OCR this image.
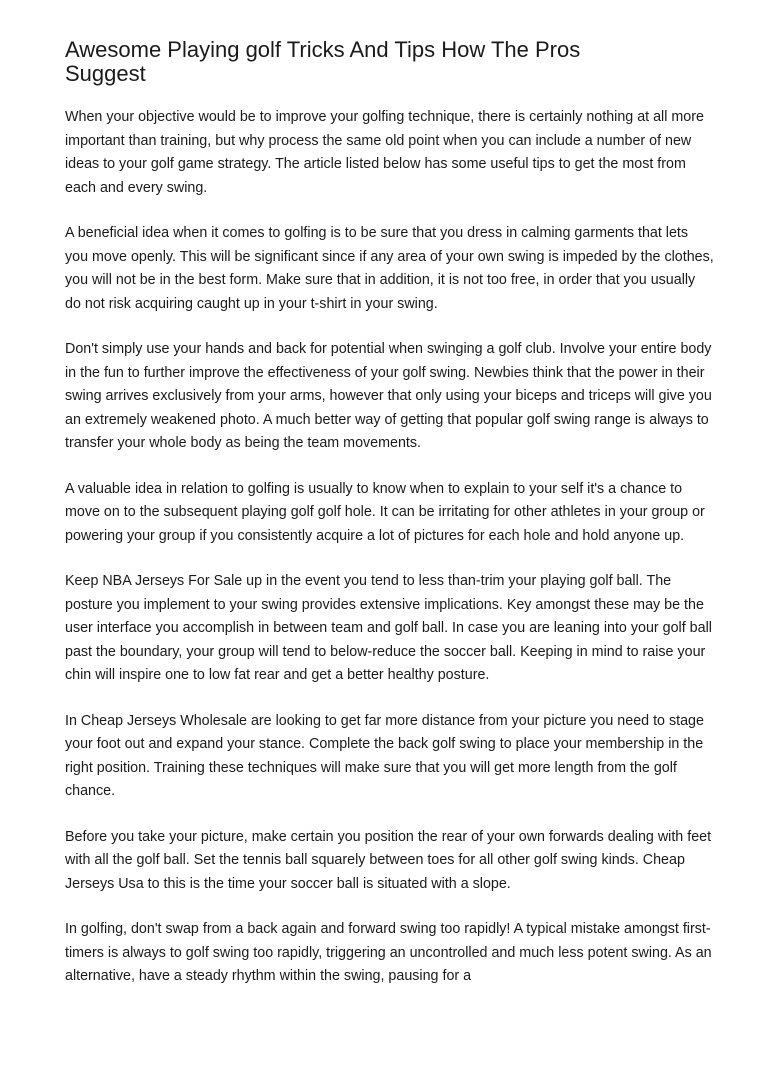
Awesome Playing golf Tricks And Tips How The Pros Suggest

When your objective would be to improve your golfing technique, there is certainly nothing at all more important than training, but why process the same old point when you can include a number of new ideas to your golf game strategy. The article listed below has some useful tips to get the most from each and every swing.

A beneficial idea when it comes to golfing is to be sure that you dress in calming garments that lets you move openly. This will be significant since if any area of your own swing is impeded by the clothes, you will not be in the best form. Make sure that in addition, it is not too free, in order that you usually do not risk acquiring caught up in your t-shirt in your swing.

Don't simply use your hands and back for potential when swinging a golf club. Involve your entire body in the fun to further improve the effectiveness of your golf swing. Newbies think that the power in their swing arrives exclusively from your arms, however that only using your biceps and triceps will give you an extremely weakened photo. A much better way of getting that popular golf swing range is always to transfer your whole body as being the team movements.

A valuable idea in relation to golfing is usually to know when to explain to your self it's a chance to move on to the subsequent playing golf golf hole. It can be irritating for other athletes in your group or powering your group if you consistently acquire a lot of pictures for each hole and hold anyone up.

Keep NBA Jerseys For Sale up in the event you tend to less than-trim your playing golf ball. The posture you implement to your swing provides extensive implications. Key amongst these may be the user interface you accomplish in between team and golf ball. In case you are leaning into your golf ball past the boundary, your group will tend to below-reduce the soccer ball. Keeping in mind to raise your chin will inspire one to low fat rear and get a better healthy posture.

In Cheap Jerseys Wholesale are looking to get far more distance from your picture you need to stage your foot out and expand your stance. Complete the back golf swing to place your membership in the right position. Training these techniques will make sure that you will get more length from the golf chance.

Before you take your picture, make certain you position the rear of your own forwards dealing with feet with all the golf ball. Set the tennis ball squarely between toes for all other golf swing kinds. Cheap Jerseys Usa to this is the time your soccer ball is situated with a slope.

In golfing, don't swap from a back again and forward swing too rapidly! A typical mistake amongst first-timers is always to golf swing too rapidly, triggering an uncontrolled and much less potent swing. As an alternative, have a steady rhythm within the swing, pausing for a
